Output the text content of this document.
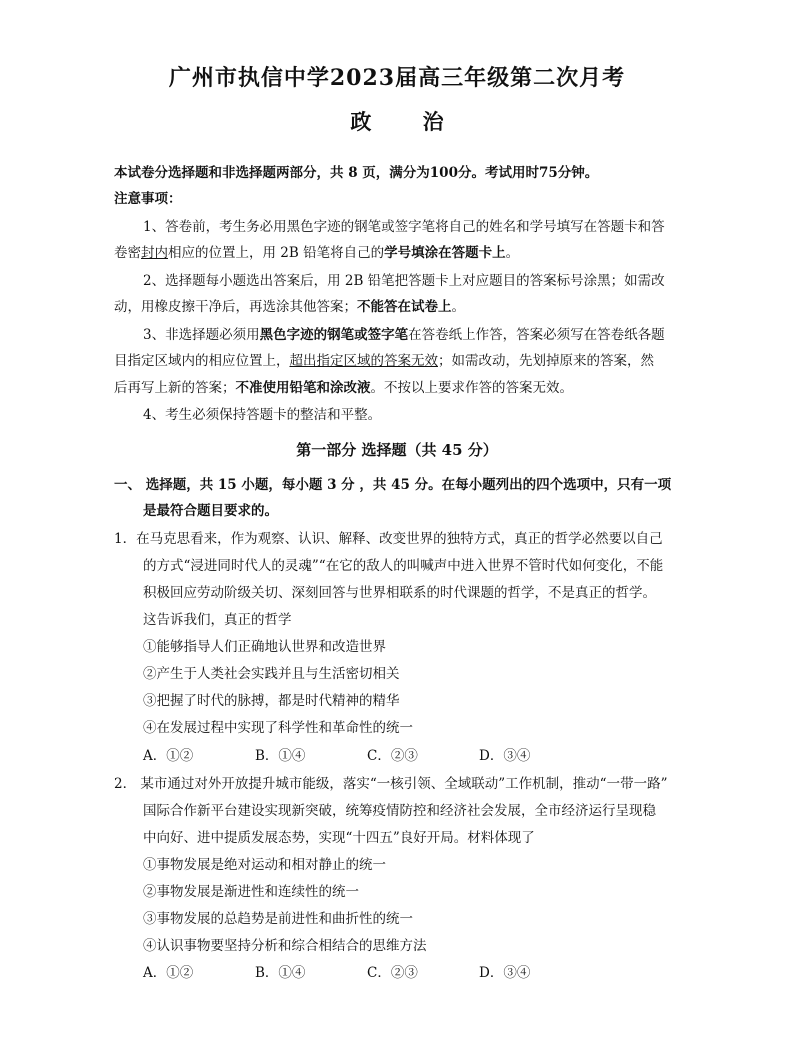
广州市执信中学2023届高三年级第二次月考
政 治
本试卷分选择题和非选择题两部分，共 8 页，满分为100分。考试用时75分钟。
注意事项：
1、答卷前，考生务必用黑色字迹的钢笔或签字笔将自己的姓名和学号填写在答题卡和答
卷密封内相应的位置上，用 2B 铅笔将自己的学号填涂在答题卡上。
2、选择题每小题选出答案后，用 2B 铅笔把答题卡上对应题目的答案标号涂黑；如需改
动，用橡皮擦干净后，再选涂其他答案；不能答在试卷上。
3、非选择题必须用黑色字迹的钢笔或签字笔在答卷纸上作答，答案必须写在答卷纸各题
目指定区域内的相应位置上，超出指定区域的答案无效；如需改动，先划掉原来的答案，然
后再写上新的答案；不准使用铅笔和涂改液。不按以上要求作答的答案无效。
4、考生必须保持答题卡的整洁和平整。
第一部分 选择题（共 45 分）
一、 选择题，共 15 小题，每小题 3 分 ，共 45 分。在每小题列出的四个选项中，只有一项
是最符合题目要求的。
1．在马克思看来，作为观察、认识、解释、改变世界的独特方式，真正的哲学必然要以自己
的方式“浸进同时代人的灵魂”“在它的敌人的叫喊声中进入世界不管时代如何变化，不能
积极回应劳动阶级关切、深刻回答与世界相联系的时代课题的哲学，不是真正的哲学。
这告诉我们，真正的哲学
①能够指导人们正确地认世界和改造世界
②产生于人类社会实践并且与生活密切相关
③把握了时代的脉搏，都是时代精神的精华
④在发展过程中实现了科学性和革命性的统一
A．①②	B．①④	C．②③	D．③④
2． 某市通过对外开放提升城市能级，落实“一核引领、全域联动”工作机制，推动“一带一路”
国际合作新平台建设实现新突破，统筹疫情防控和经济社会发展，全市经济运行呈现稳
中向好、进中提质发展态势，实现“十四五”良好开局。材料体现了
①事物发展是绝对运动和相对静止的统一
②事物发展是渐进性和连续性的统一
③事物发展的总趋势是前进性和曲折性的统一
④认识事物要坚持分析和综合相结合的思维方法
A．①②	B．①④	C．②③	D．③④
